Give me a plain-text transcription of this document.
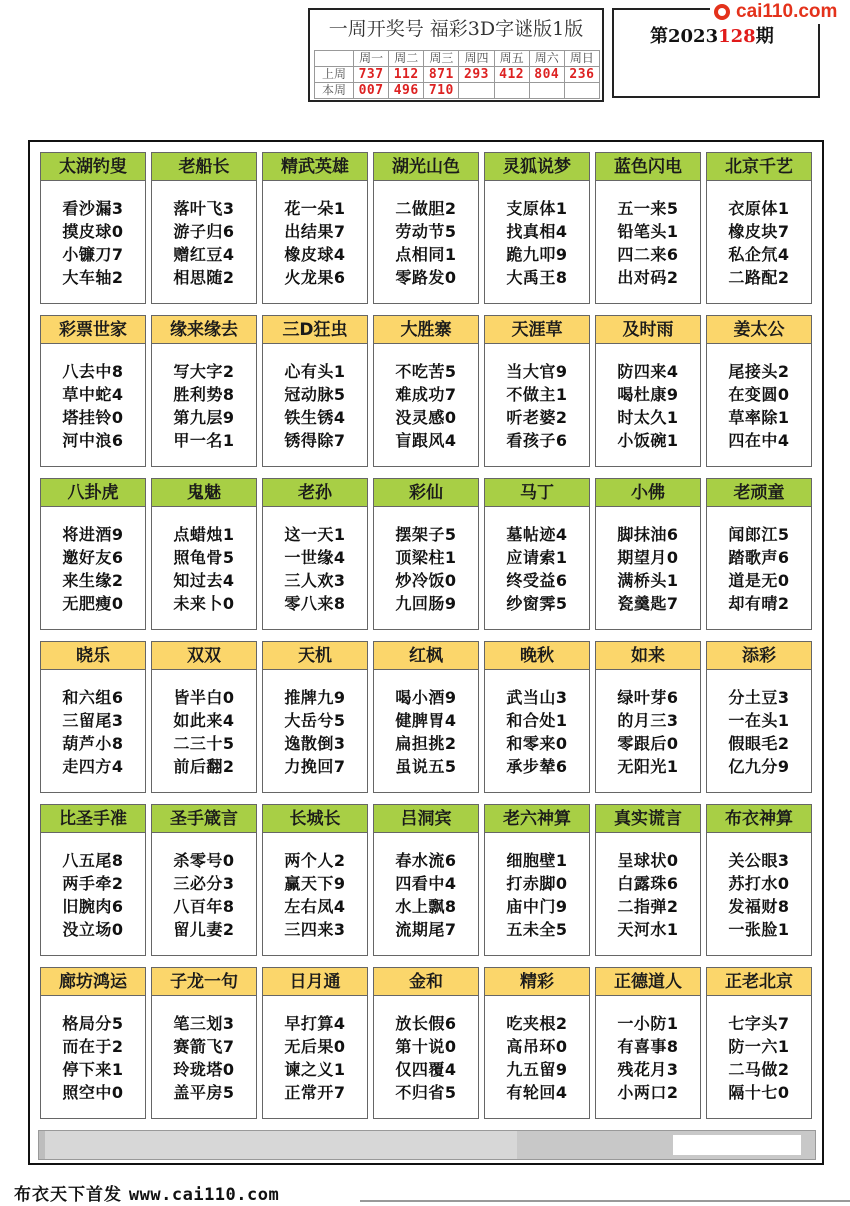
一周开奖号 福彩3D字谜版1版
	周一	周二	周三	周四	周五	周六	周日
上周	737	112	871	293	412	804	236
本周	007	496	710				
第2023128期
cai110.com
太湖钓叟
看沙漏3
摸皮球0
小镰刀7
大车轴2
老船长
落叶飞3
游子归6
赠红豆4
相思随2
精武英雄
花一朵1
出结果7
橡皮球4
火龙果6
湖光山色
二做胆2
劳动节5
点相同1
零路发0
灵狐说梦
支原体1
找真相4
跪九叩9
大禹王8
蓝色闪电
五一来5
铅笔头1
四二来6
出对码2
北京千艺
衣原体1
橡皮块7
私企氘4
二路配2
彩票世家
八去中8
草中蛇4
塔挂铃0
河中浪6
缘来缘去
写大字2
胜利势8
第九层9
甲一名1
三D狂虫
心有头1
冠动脉5
铁生锈4
锈得除7
大胜寨
不吃苦5
难成功7
没灵感0
盲跟风4
天涯草
当大官9
不做主1
听老婆2
看孩子6
及时雨
防四来4
喝杜康9
时太久1
小饭碗1
姜太公
尾接头2
在变圆0
草率除1
四在中4
八卦虎
将进酒9
邀好友6
来生缘2
无肥瘦0
鬼魅
点蜡烛1
照龟骨5
知过去4
未来卜0
老孙
这一天1
一世缘4
三人欢3
零八来8
彩仙
摆架子5
顶梁柱1
炒冷饭0
九回肠9
马丁
墓帖迹4
应请索1
终受益6
纱窗霁5
小佛
脚抹油6
期望月0
满桥头1
瓷羹匙7
老顽童
闻郎江5
踏歌声6
道是无0
却有晴2
晓乐
和六组6
三留尾3
葫芦小8
走四方4
双双
皆半白0
如此来4
二三十5
前后翻2
天机
推牌九9
大岳兮5
逸散倒3
力挽回7
红枫
喝小酒9
健脾胃4
扁担挑2
虽说五5
晚秋
武当山3
和合处1
和零来0
承步辇6
如来
绿叶芽6
的月三3
零跟后0
无阳光1
添彩
分土豆3
一在头1
假眼毛2
亿九分9
比圣手准
八五尾8
两手牵2
旧腕肉6
没立场0
圣手箴言
杀零号0
三必分3
八百年8
留儿妻2
长城长
两个人2
赢天下9
左右凤4
三四来3
吕洞宾
春水流6
四看中4
水上飘8
流期尾7
老六神算
细胞壁1
打赤脚0
庙中门9
五未全5
真实谎言
呈球状0
白露珠6
二指弹2
天河水1
布衣神算
关公眼3
苏打水0
发福财8
一张脸1
廊坊鸿运
格局分5
而在于2
停下来1
照空中0
子龙一句
笔三划3
赛箭飞7
玲珑塔0
盖平房5
日月通
早打算4
无后果0
谏之义1
正常开7
金和
放长假6
第十说0
仅四覆4
不归省5
精彩
吃夹根2
高吊环0
九五留9
有轮回4
正德道人
一小防1
有喜事8
残花月3
小两口2
正老北京
七字头7
防一六1
二马做2
隔十七0
布衣天下首发 www.cai110.com
